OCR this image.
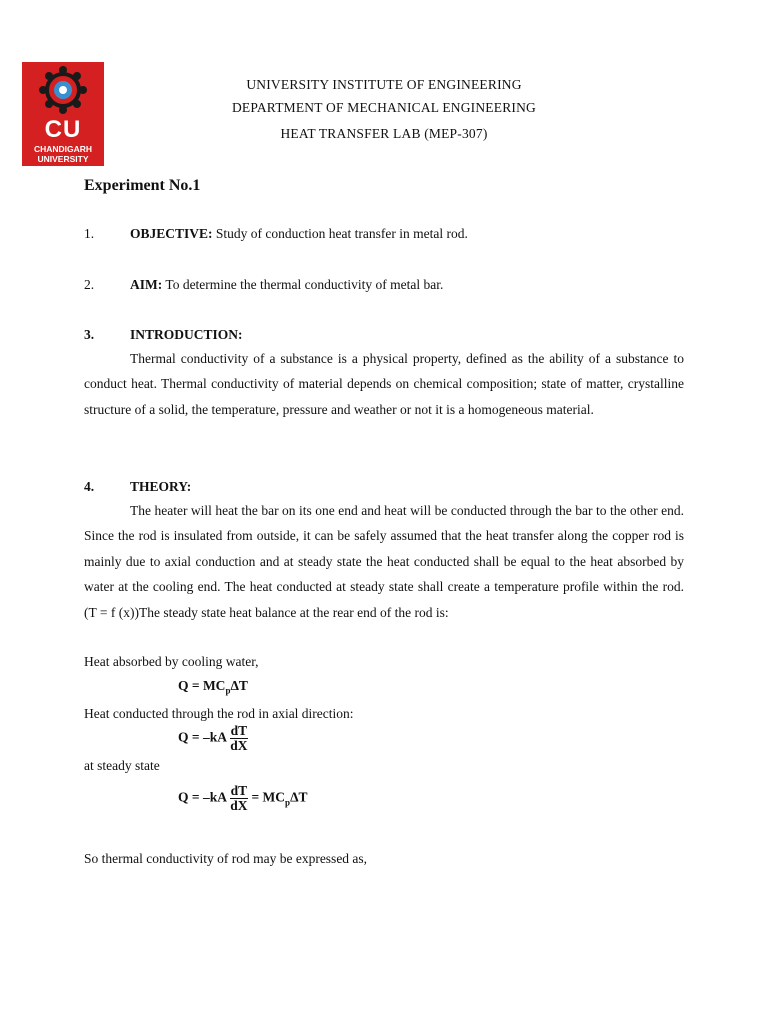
CU
CHANDIGARH
UNIVERSITY
UNIVERSITY INSTITUTE OF ENGINEERING
DEPARTMENT OF MECHANICAL ENGINEERING
HEAT TRANSFER LAB (MEP-307)
Experiment No.1
1.	OBJECTIVE: Study of conduction heat transfer in metal rod.
2.	AIM: To determine the thermal conductivity of metal bar.
3.	INTRODUCTION:

Thermal conductivity of a substance is a physical property, defined as the ability of a substance to conduct heat. Thermal conductivity of material depends on chemical composition; state of matter, crystalline structure of a solid, the temperature, pressure and weather or not it is a homogeneous material.

4.	THEORY:

The heater will heat the bar on its one end and heat will be conducted through the bar to the other end. Since the rod is insulated from outside, it can be safely assumed that the heat transfer along the copper rod is mainly due to axial conduction and at steady state the heat conducted shall be equal to the heat absorbed by water at the cooling end. The heat conducted at steady state shall create a temperature profile within the rod. (T = f (x))The steady state heat balance at the rear end of the rod is:

Heat absorbed by cooling water,
$Q = MC_p\Delta T$
Heat conducted through the rod in axial direction:
$Q = -kA \frac{dT}{dX}$
at steady state
$Q = -kA \frac{dT}{dX} = MC_p\Delta T$
So thermal conductivity of rod may be expressed as,
